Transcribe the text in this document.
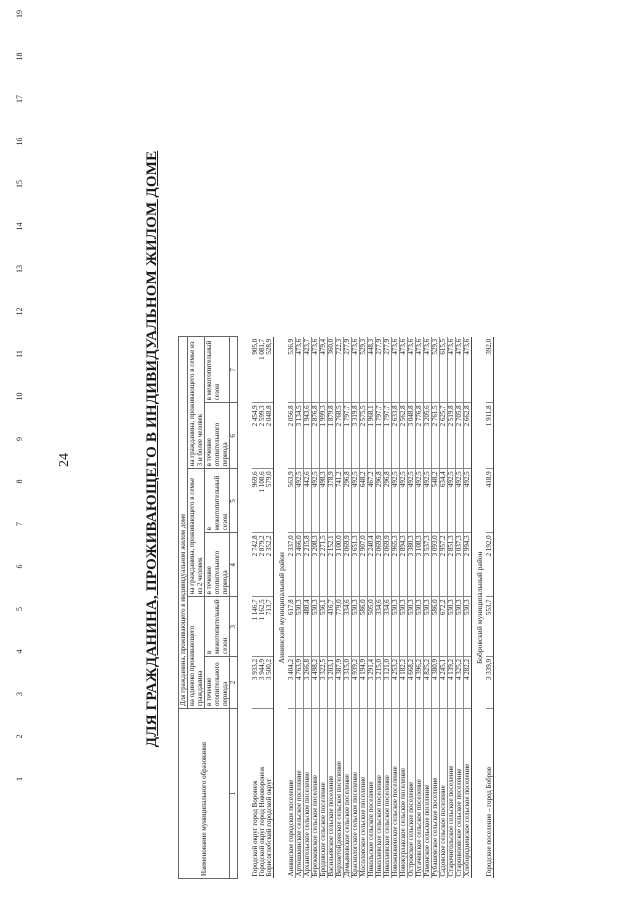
1
2
3
4
5
6
7
8
9
10
11
12
13
14
15
16
17
18
19
24	ДЛЯ ГРАЖДАНИНА, ПРОЖИВАЮЩЕГО В ИНДИВИДУАЛЬНОМ ЖИЛОМ ДОМЕ
Наименование муниципального образования	Для гражданина, проживающего в индивидуальном жилом доме					
	на одиноко проживающего гражданина		на гражданина, проживающего в семье из 2 человек		на гражданина, проживающего в семье из 3 и более человек	
	в течение отопительного периода	в межотопительный сезон	в течение отопительного периода	в межотопительный сезон	в течение отопительного периода	в межотопительный сезон
1	2	3	4	5	6	7

Городской округ город Воронеж	3 933,2	1 146,7	2 742,8	969,6	2 454,9	905,0
Городской округ город Нововоронеж	3 944,9	1 162,5	2 879,2	1 108,6	2 599,3	1 081,7
Борисоглебский городской округ	3 500,2	713,7	2 352,2	579,0	2 048,8	528,9
Аннинский муниципальный район						
Аннинское городское поселение	3 404,2	617,8	2 337,0	563,9	2 056,8	536,9
Артюшкинское сельское поселение	4 763,9	530,3	3 466,0	492,5	3 134,5	473,6
Архангельское сельское поселение	3 266,8	480,4	2 215,8	442,6	1 943,6	423,7
Бережковское сельское поселение	4 498,2	530,3	3 208,3	492,5	2 876,8	473,6
Бродовское сельское поселение	3 322,5	536,1	2 271,5	498,3	1 999,3	479,4
Васильевское сельское поселение	3 203,1	416,7	2 152,1	378,9	1 879,8	360,0
Верхнетойденское сельское поселение	4 387,9	779,0	3 100,0	741,2	2 768,5	722,3
Демьяновское сельское поселение	3 315,0	334,6	2 069,9	296,8	1 797,7	277,9
Краснологское сельское поселение	4 939,2	530,3	3 651,3	492,5	3 319,8	473,6
Мосоловское сельское поселение	4 194,9	586,0	2 907,0	648,2	2 575,5	529,3
Никольское сельское поселение	3 291,4	505,0	2 240,4	467,2	1 968,1	448,3
Николаевское сельское поселение	3 215,0	334,6	2 069,9	296,8	1 797,7	277,9
Николаевское сельское поселение	3 121,0	334,6	2 069,9	296,8	1 797,7	277,9
Новожизненское сельское поселение	4 253,2	530,3	2 965,3	492,5	2 633,8	473,6
Новокурлакское сельское поселение	4 182,2	530,3	2 894,3	492,5	2 562,8	473,6
Островское сельское поселение	4 668,2	530,3	3 380,3	492,5	3 048,8	473,6
Пугачевское сельское поселение	4 396,2	530,3	3 108,3	492,5	2 776,8	473,6
Рамонское сельское поселение	4 825,2	530,3	3 537,3	492,5	3 205,6	473,6
Рубашевское сельское поселение	4 380,9	586,0	3 093,0	548,2	2 761,5	529,3
Садовское сельское поселение	4 245,1	672,2	2 957,2	634,4	2 625,7	615,5
Старочигольское сельское поселение	4 139,2	530,3	2 851,3	492,5	2 519,8	473,6
Старонизовское сельское поселение	4 325,2	530,3	3 037,3	492,5	2 705,8	473,6
Хлебородненское сельское поселение	4 282,2	530,3	2 994,3	492,5	2 662,8	473,6
Бобровский муниципальный район						
Городское поселение – город Бобров	3 339,9	553,7	2 192,0	418,9	1 911,8	392,0
